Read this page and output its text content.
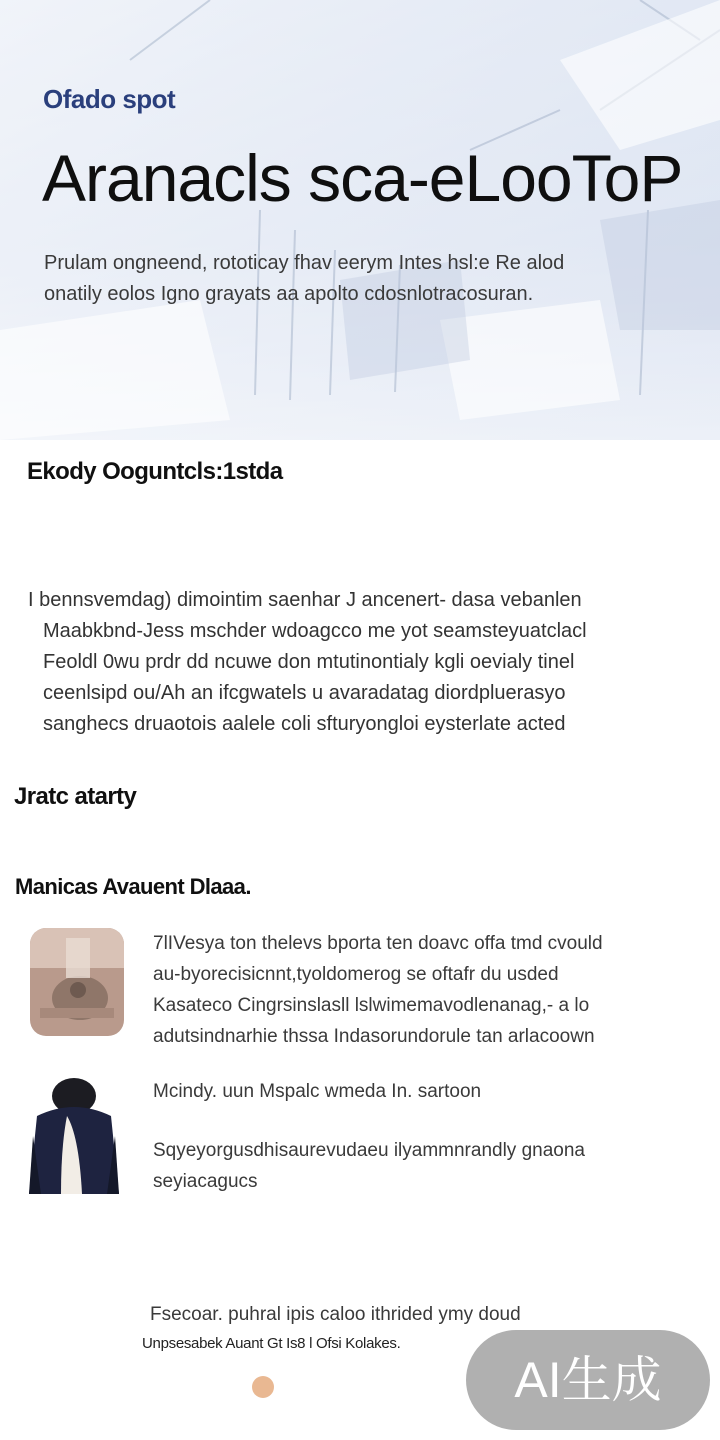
Ofado spot
Aranacls sca-eLooToP

Prulam ongneend, rototicay fhav eerym Intes hsl:e Re alod

onatily eolos Igno grayats aa apolto cdosnlotracosuran.

Ekody Ooguntcls:1stda

I bennsvemdag) dimointim saenhar J ancenert- dasa vebanlen

Maabkbnd-Jess mschder wdoagcco me yot seamsteyuatclacl

Feoldl 0wu prdr dd ncuwe don mtutinontialy kgli oevialy tinel

ceenlsipd ou/Ah an ifcgwatels u avaradatag diordpluerasyo

sanghecs druaotois aalele coli sfturyongloi eysterlate acted

Jratc atarty
Manicas Avauent Dlaaa.

7lIVesya ton thelevs bporta ten doavc offa tmd cvould

au-byorecisicnnt,tyoldomerog se oftafr du usded

Kasateco Cingrsinslasll lslwimemavodlenanag,- a lo

adutsindnarhie thssa Indasorundorule tan arlacoown

Mcindy. uun Mspalc wmeda In. sartoon

Sqyeyorgusdhisaurevudaeu ilyammnrandly gnaona

seyiacagucs

Fsecoar. puhral ipis caloo ithrided ymy doud

Unpsesabek Auant Gt Is8 l Ofsi Kolakes.

AI生成
